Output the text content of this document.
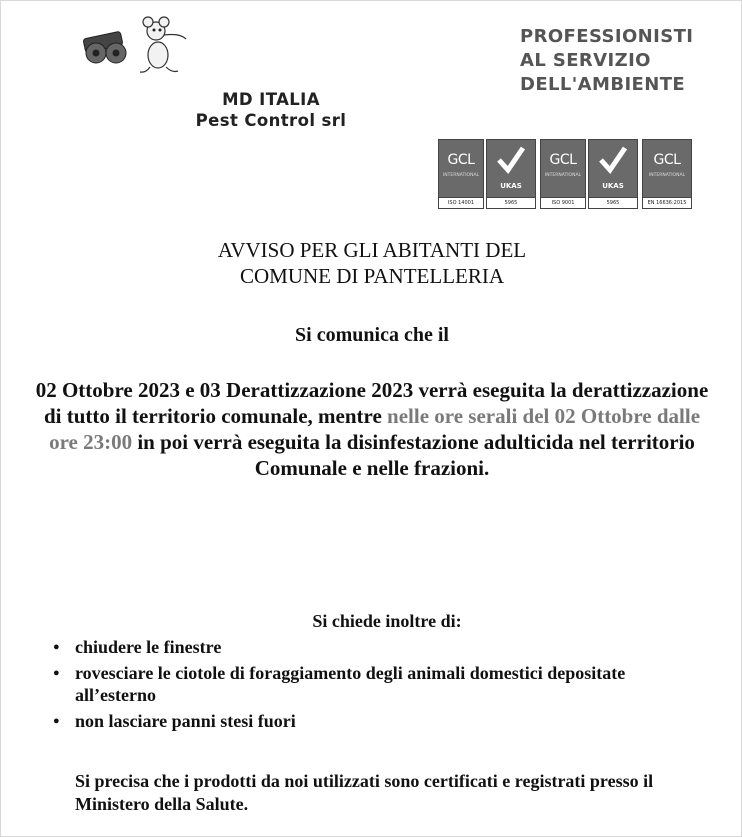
MD ITALIA
Pest Control srl
PROFESSIONISTI
AL SERVIZIO
DELL'AMBIENTE
GCL
INTERNATIONAL
ISO 14001
UKAS
5965
GCL
INTERNATIONAL
ISO 9001
UKAS
5965
GCL
INTERNATIONAL
EN 16636:2015
AVVISO PER GLI ABITANTI DEL
COMUNE DI PANTELLERIA
Si comunica che il
02 Ottobre 2023 e 03 Derattizzazione 2023 verrà eseguita la derattizzazione di tutto il territorio comunale, mentre nelle ore serali del 02 Ottobre dalle ore 23:00 in poi verrà eseguita la disinfestazione adulticida nel territorio Comunale e nelle frazioni.
Si chiede inoltre di:
● chiudere le finestre
● rovesciare le ciotole di foraggiamento degli animali domestici depositate all’esterno
● non lasciare panni stesi fuori
Si precisa che i prodotti da noi utilizzati sono certificati e registrati presso il Ministero della Salute.
